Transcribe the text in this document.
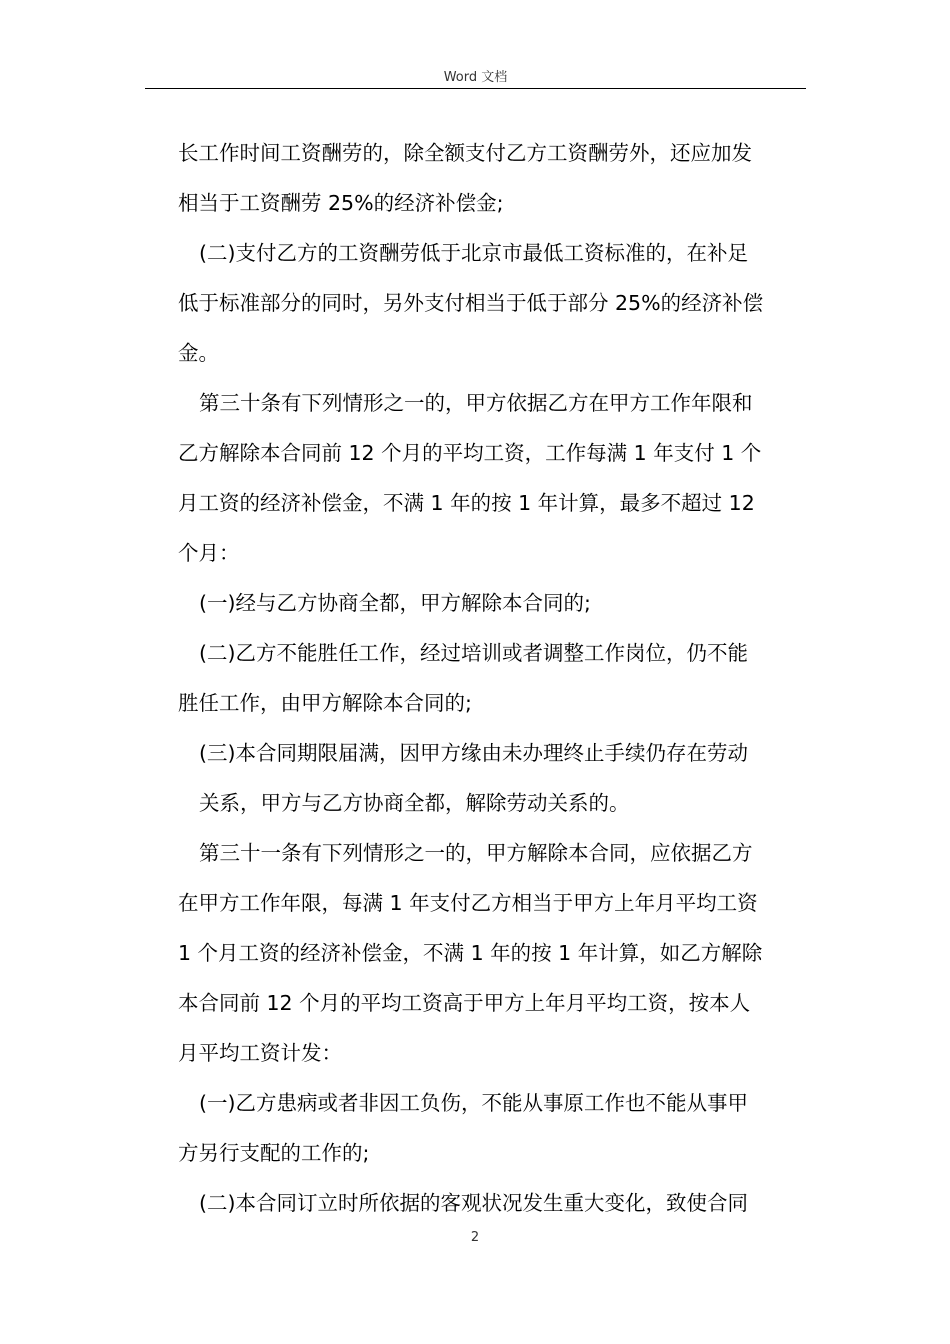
Word 文档
长工作时间工资酬劳的，除全额支付乙方工资酬劳外，还应加发
相当于工资酬劳 25%的经济补偿金;
(二)支付乙方的工资酬劳低于北京市最低工资标准的，在补足
低于标准部分的同时，另外支付相当于低于部分 25%的经济补偿
金。
第三十条有下列情形之一的，甲方依据乙方在甲方工作年限和
乙方解除本合同前 12 个月的平均工资，工作每满 1 年支付 1 个
月工资的经济补偿金，不满 1 年的按 1 年计算，最多不超过 12
个月：
(一)经与乙方协商全都，甲方解除本合同的;
(二)乙方不能胜任工作，经过培训或者调整工作岗位，仍不能
胜任工作，由甲方解除本合同的;
(三)本合同期限届满，因甲方缘由未办理终止手续仍存在劳动
关系，甲方与乙方协商全都，解除劳动关系的。
第三十一条有下列情形之一的，甲方解除本合同，应依据乙方
在甲方工作年限，每满 1 年支付乙方相当于甲方上年月平均工资
1 个月工资的经济补偿金，不满 1 年的按 1 年计算，如乙方解除
本合同前 12 个月的平均工资高于甲方上年月平均工资，按本人
月平均工资计发：
(一)乙方患病或者非因工负伤，不能从事原工作也不能从事甲
方另行支配的工作的;
(二)本合同订立时所依据的客观状况发生重大变化，致使合同
2
